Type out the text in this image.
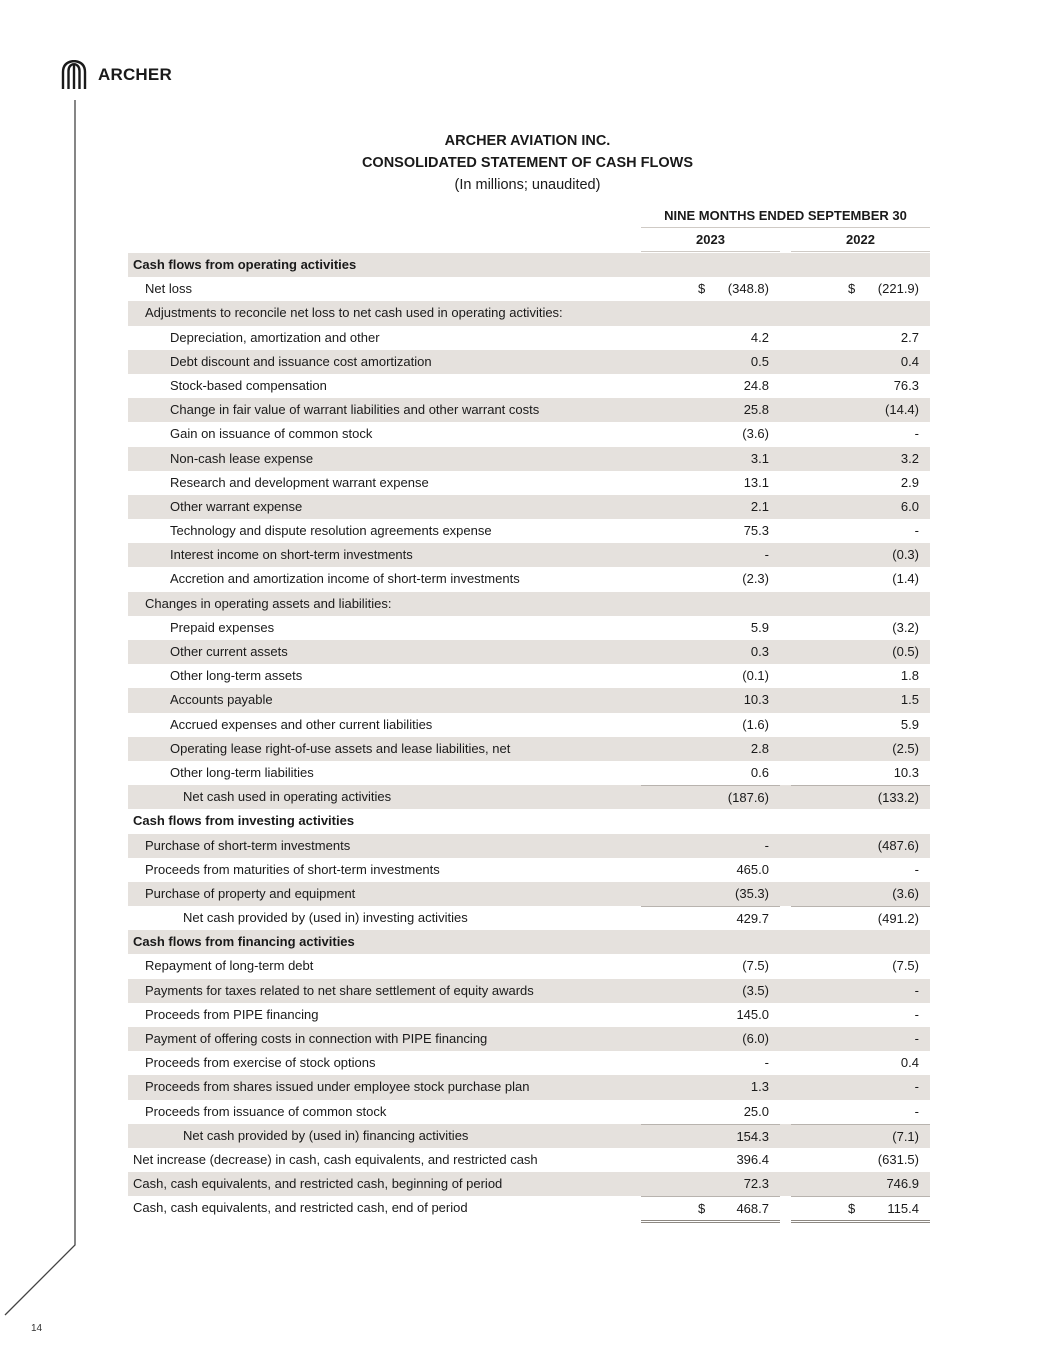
ARCHER
ARCHER AVIATION INC.
CONSOLIDATED STATEMENT OF CASH FLOWS
(In millions; unaudited)
NINE MONTHS ENDED SEPTEMBER 30
2023	2022
Cash flows from operating activities
Net loss	$ (348.8)	$ (221.9)
Adjustments to reconcile net loss to net cash used in operating activities:
Depreciation, amortization and other	4.2	2.7
Debt discount and issuance cost amortization	0.5	0.4
Stock-based compensation	24.8	76.3
Change in fair value of warrant liabilities and other warrant costs	25.8	(14.4)
Gain on issuance of common stock	(3.6)	-
Non-cash lease expense	3.1	3.2
Research and development warrant expense	13.1	2.9
Other warrant expense	2.1	6.0
Technology and dispute resolution agreements expense	75.3	-
Interest income on short-term investments	-	(0.3)
Accretion and amortization income of short-term investments	(2.3)	(1.4)
Changes in operating assets and liabilities:
Prepaid expenses	5.9	(3.2)
Other current assets	0.3	(0.5)
Other long-term assets	(0.1)	1.8
Accounts payable	10.3	1.5
Accrued expenses and other current liabilities	(1.6)	5.9
Operating lease right-of-use assets and lease liabilities, net	2.8	(2.5)
Other long-term liabilities	0.6	10.3
Net cash used in operating activities	(187.6)	(133.2)
Cash flows from investing activities
Purchase of short-term investments	-	(487.6)
Proceeds from maturities of short-term investments	465.0	-
Purchase of property and equipment	(35.3)	(3.6)
Net cash provided by (used in) investing activities	429.7	(491.2)
Cash flows from financing activities
Repayment of long-term debt	(7.5)	(7.5)
Payments for taxes related to net share settlement of equity awards	(3.5)	-
Proceeds from PIPE financing	145.0	-
Payment of offering costs in connection with PIPE financing	(6.0)	-
Proceeds from exercise of stock options	-	0.4
Proceeds from shares issued under employee stock purchase plan	1.3	-
Proceeds from issuance of common stock	25.0	-
Net cash provided by (used in) financing activities	154.3	(7.1)
Net increase (decrease) in cash, cash equivalents, and restricted cash	396.4	(631.5)
Cash, cash equivalents, and restricted cash, beginning of period	72.3	746.9
Cash, cash equivalents, and restricted cash, end of period	$ 468.7	$ 115.4
14
